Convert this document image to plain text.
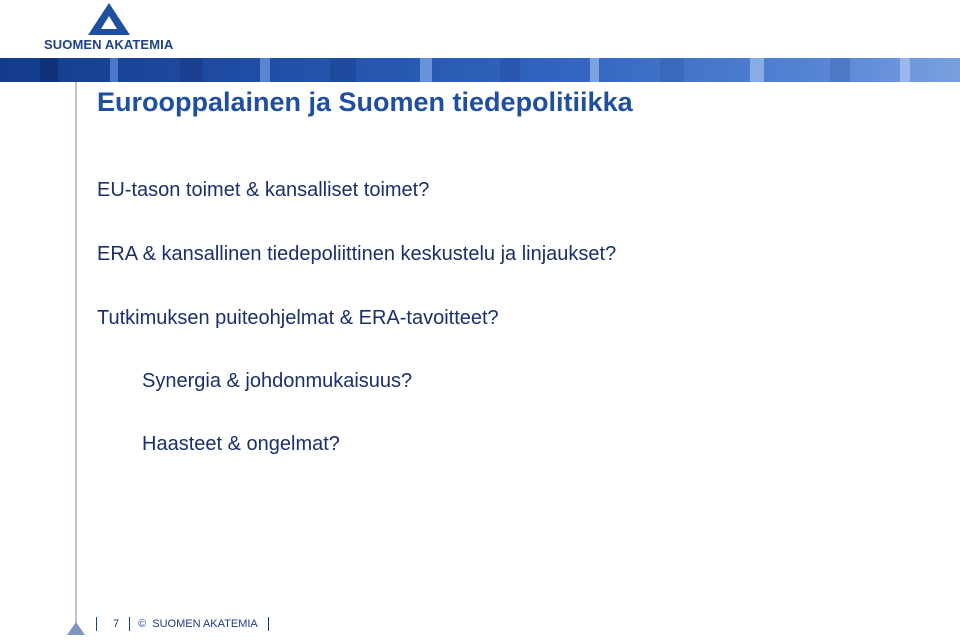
SUOMEN AKATEMIA
Eurooppalainen ja Suomen tiedepolitiikka

EU-tason toimet & kansalliset toimet?

ERA & kansallinen tiedepoliittinen keskustelu ja linjaukset?

Tutkimuksen puiteohjelmat & ERA-tavoitteet?

Synergia & johdonmukaisuus?

Haasteet & ongelmat?

7 © SUOMEN AKATEMIA
